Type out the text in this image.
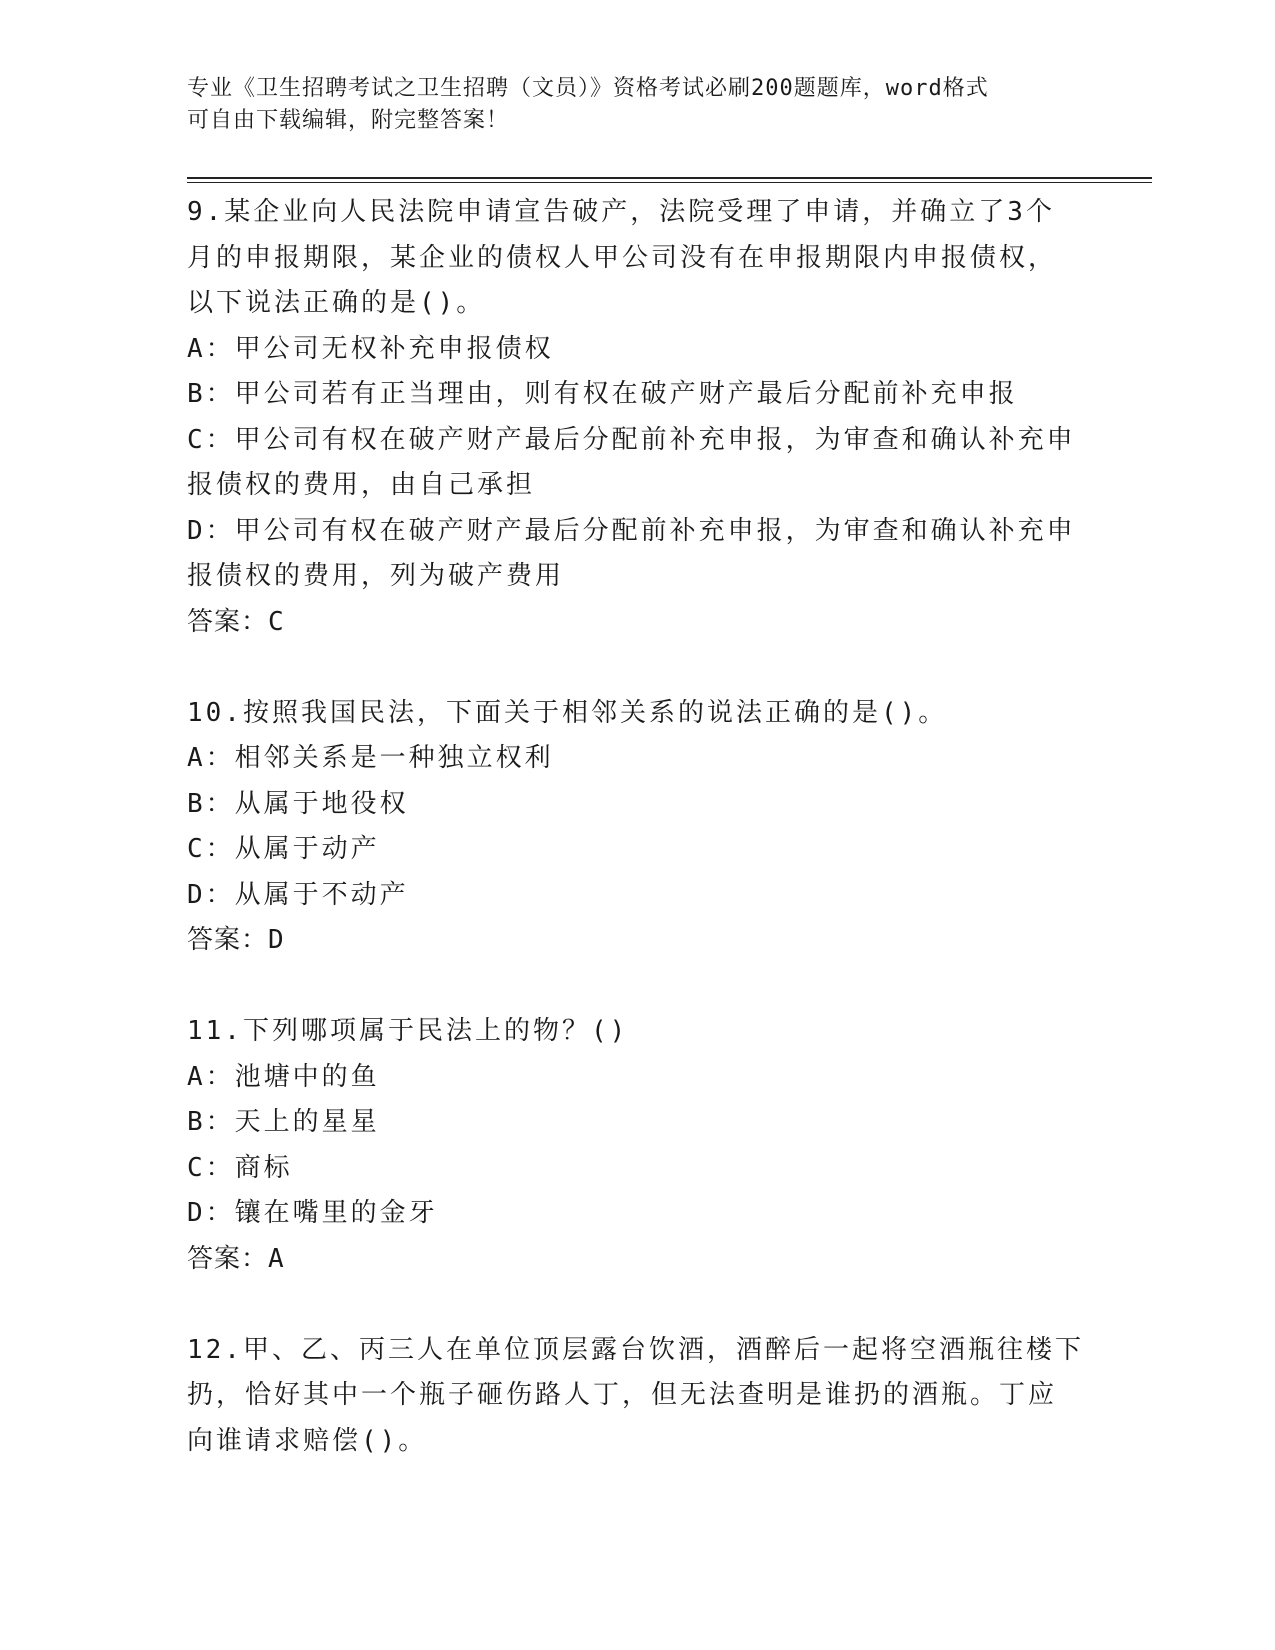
专业《卫生招聘考试之卫生招聘（文员）》资格考试必刷200题题库，word格式
可自由下载编辑，附完整答案！
9.某企业向人民法院申请宣告破产，法院受理了申请，并确立了3个
月的申报期限，某企业的债权人甲公司没有在申报期限内申报债权，
以下说法正确的是()。
A：甲公司无权补充申报债权
B：甲公司若有正当理由，则有权在破产财产最后分配前补充申报
C：甲公司有权在破产财产最后分配前补充申报，为审查和确认补充申
报债权的费用，由自己承担
D：甲公司有权在破产财产最后分配前补充申报，为审查和确认补充申
报债权的费用，列为破产费用
答案：C
10.按照我国民法，下面关于相邻关系的说法正确的是()。
A：相邻关系是一种独立权利
B：从属于地役权
C：从属于动产
D：从属于不动产
答案：D
11.下列哪项属于民法上的物？()
A：池塘中的鱼
B：天上的星星
C：商标
D：镶在嘴里的金牙
答案：A
12.甲、乙、丙三人在单位顶层露台饮酒，酒醉后一起将空酒瓶往楼下
扔，恰好其中一个瓶子砸伤路人丁，但无法查明是谁扔的酒瓶。丁应
向谁请求赔偿()。
